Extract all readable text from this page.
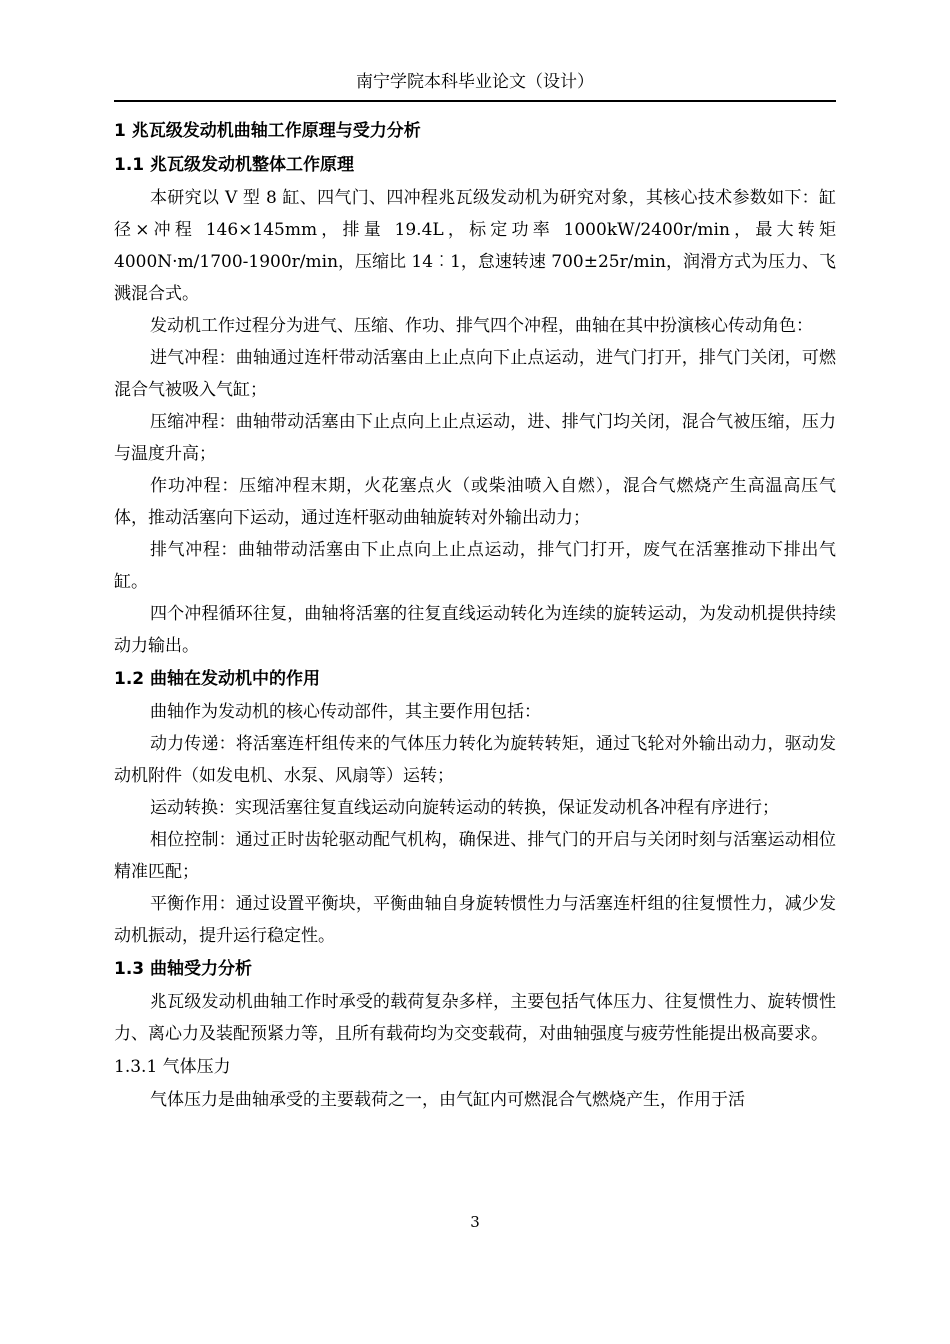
南宁学院本科毕业论文（设计）
1 兆瓦级发动机曲轴工作原理与受力分析
1.1 兆瓦级发动机整体工作原理
本研究以 V 型 8 缸、四气门、四冲程兆瓦级发动机为研究对象，其核心技术参数如下：缸径×冲程 146×145mm，排量 19.4L，标定功率 1000kW/2400r/min，最大转矩 4000N·m/1700-1900r/min，压缩比 14︰1，怠速转速 700±25r/min，润滑方式为压力、飞溅混合式。
发动机工作过程分为进气、压缩、作功、排气四个冲程，曲轴在其中扮演核心传动角色：
进气冲程：曲轴通过连杆带动活塞由上止点向下止点运动，进气门打开，排气门关闭，可燃混合气被吸入气缸；
压缩冲程：曲轴带动活塞由下止点向上止点运动，进、排气门均关闭，混合气被压缩，压力与温度升高；
作功冲程：压缩冲程末期，火花塞点火（或柴油喷入自燃），混合气燃烧产生高温高压气体，推动活塞向下运动，通过连杆驱动曲轴旋转对外输出动力；
排气冲程：曲轴带动活塞由下止点向上止点运动，排气门打开，废气在活塞推动下排出气缸。
四个冲程循环往复，曲轴将活塞的往复直线运动转化为连续的旋转运动，为发动机提供持续动力输出。
1.2 曲轴在发动机中的作用
曲轴作为发动机的核心传动部件，其主要作用包括：
动力传递：将活塞连杆组传来的气体压力转化为旋转转矩，通过飞轮对外输出动力，驱动发动机附件（如发电机、水泵、风扇等）运转；
运动转换：实现活塞往复直线运动向旋转运动的转换，保证发动机各冲程有序进行；
相位控制：通过正时齿轮驱动配气机构，确保进、排气门的开启与关闭时刻与活塞运动相位精准匹配；
平衡作用：通过设置平衡块，平衡曲轴自身旋转惯性力与活塞连杆组的往复惯性力，减少发动机振动，提升运行稳定性。
1.3 曲轴受力分析
兆瓦级发动机曲轴工作时承受的载荷复杂多样，主要包括气体压力、往复惯性力、旋转惯性力、离心力及装配预紧力等，且所有载荷均为交变载荷，对曲轴强度与疲劳性能提出极高要求。
1.3.1 气体压力
气体压力是曲轴承受的主要载荷之一，由气缸内可燃混合气燃烧产生，作用于活
3
